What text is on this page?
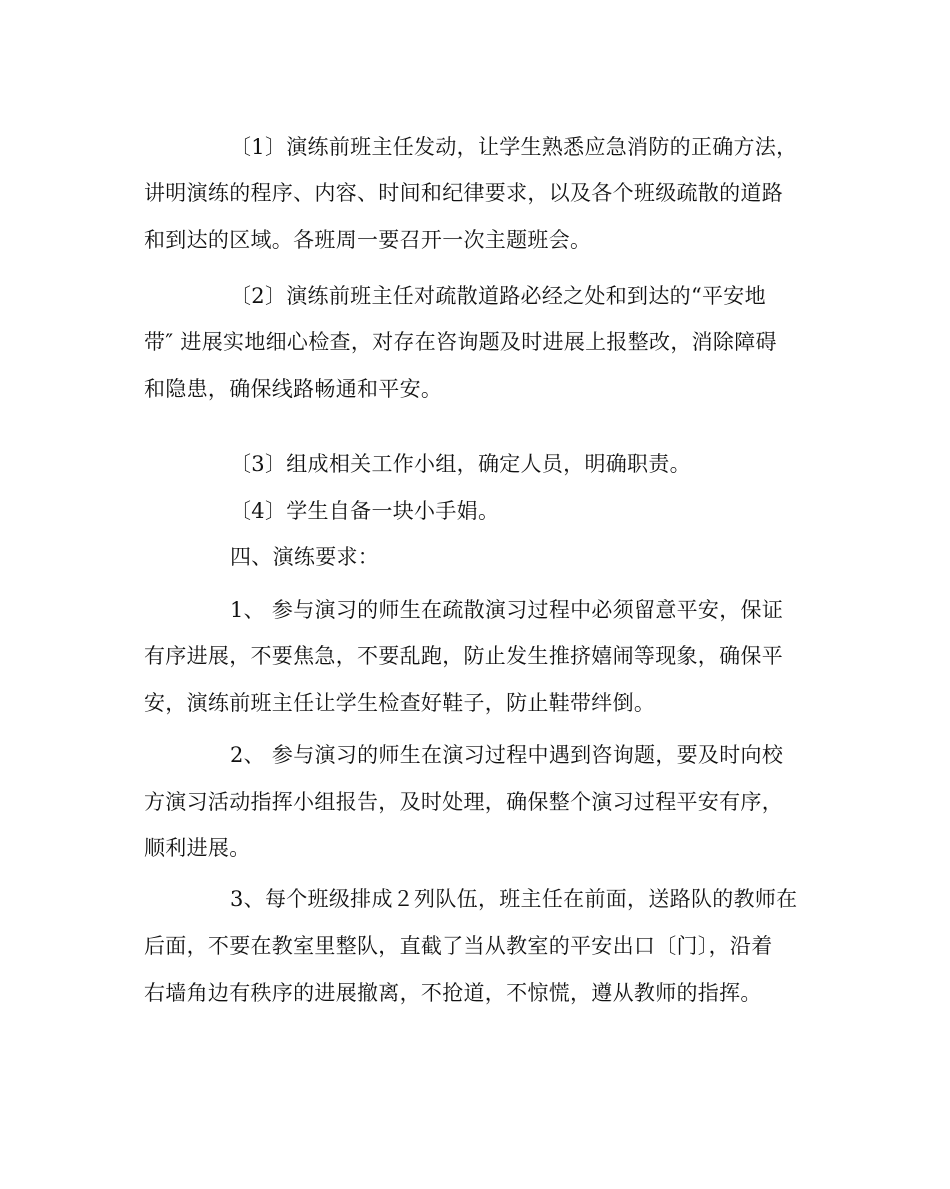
〔1〕演练前班主任发动，让学生熟悉应急消防的正确方法，
讲明演练的程序、内容、时间和纪律要求，以及各个班级疏散的道路
和到达的区域。各班周一要召开一次主题班会。
〔2〕演练前班主任对疏散道路必经之处和到达的“平安地
带″ 进展实地细心检查，对存在咨询题及时进展上报整改，消除障碍
和隐患，确保线路畅通和平安。
〔3〕组成相关工作小组，确定人员，明确职责。
〔4〕学生自备一块小手娟。
四、演练要求：
1、 参与演习的师生在疏散演习过程中必须留意平安，保证
有序进展，不要焦急，不要乱跑，防止发生推挤嬉闹等现象，确保平
安，演练前班主任让学生检查好鞋子，防止鞋带绊倒。
2、 参与演习的师生在演习过程中遇到咨询题，要及时向校
方演习活动指挥小组报告，及时处理，确保整个演习过程平安有序，
顺利进展。
3、每个班级排成２列队伍，班主任在前面，送路队的教师在
后面，不要在教室里整队，直截了当从教室的平安出口〔门〕，沿着
右墙角边有秩序的进展撤离，不抢道，不惊慌，遵从教师的指挥。
